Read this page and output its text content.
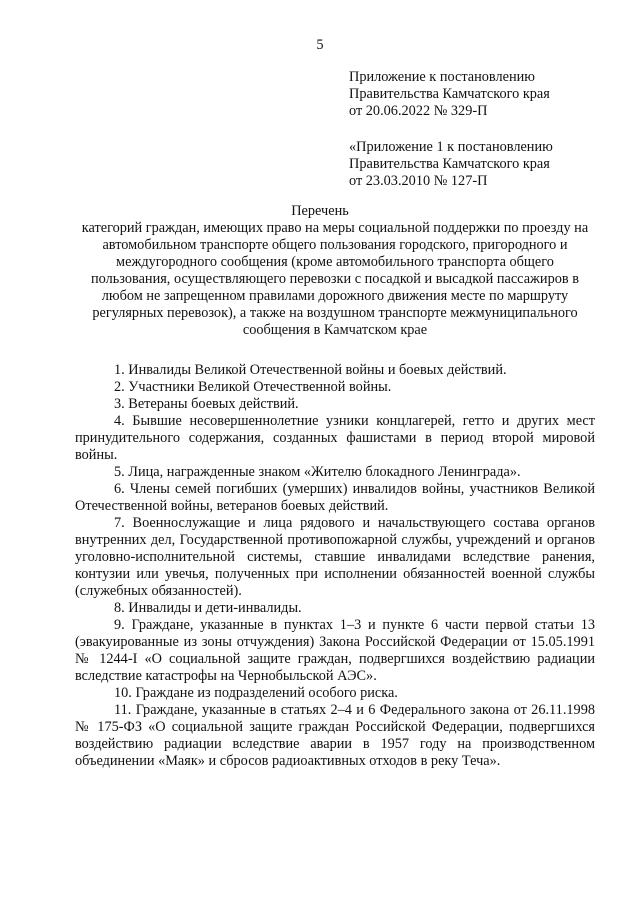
5
Приложение к постановлению
Правительства Камчатского края
от 20.06.2022 № 329-П
«Приложение 1 к постановлению
Правительства Камчатского края
от 23.03.2010 № 127-П
Перечень
категорий граждан, имеющих право на меры социальной поддержки по проезду на автомобильном транспорте общего пользования городского, пригородного и междугородного сообщения (кроме автомобильного транспорта общего пользования, осуществляющего перевозки с посадкой и высадкой пассажиров в любом не запрещенном правилами дорожного движения месте по маршруту регулярных перевозок), а также на воздушном транспорте межмуниципального сообщения в Камчатском крае

1. Инвалиды Великой Отечественной войны и боевых действий.

2. Участники Великой Отечественной войны.

3. Ветераны боевых действий.

4. Бывшие несовершеннолетние узники концлагерей, гетто и других мест принудительного содержания, созданных фашистами в период второй мировой войны.

5. Лица, награжденные знаком «Жителю блокадного Ленинграда».

6. Члены семей погибших (умерших) инвалидов войны, участников Великой Отечественной войны, ветеранов боевых действий.

7. Военнослужащие и лица рядового и начальствующего состава органов внутренних дел, Государственной противопожарной службы, учреждений и органов уголовно-исполнительной системы, ставшие инвалидами вследствие ранения, контузии или увечья, полученных при исполнении обязанностей военной службы (служебных обязанностей).

8. Инвалиды и дети-инвалиды.

9. Граждане, указанные в пунктах 1–3 и пункте 6 части первой статьи 13 (эвакуированные из зоны отчуждения) Закона Российской Федерации от 15.05.1991 № 1244-I «О социальной защите граждан, подвергшихся воздействию радиации вследствие катастрофы на Чернобыльской АЭС».

10. Граждане из подразделений особого риска.

11. Граждане, указанные в статьях 2–4 и 6 Федерального закона от 26.11.1998 № 175-ФЗ «О социальной защите граждан Российской Федерации, подвергшихся воздействию радиации вследствие аварии в 1957 году на производственном объединении «Маяк» и сбросов радиоактивных отходов в реку Теча».
